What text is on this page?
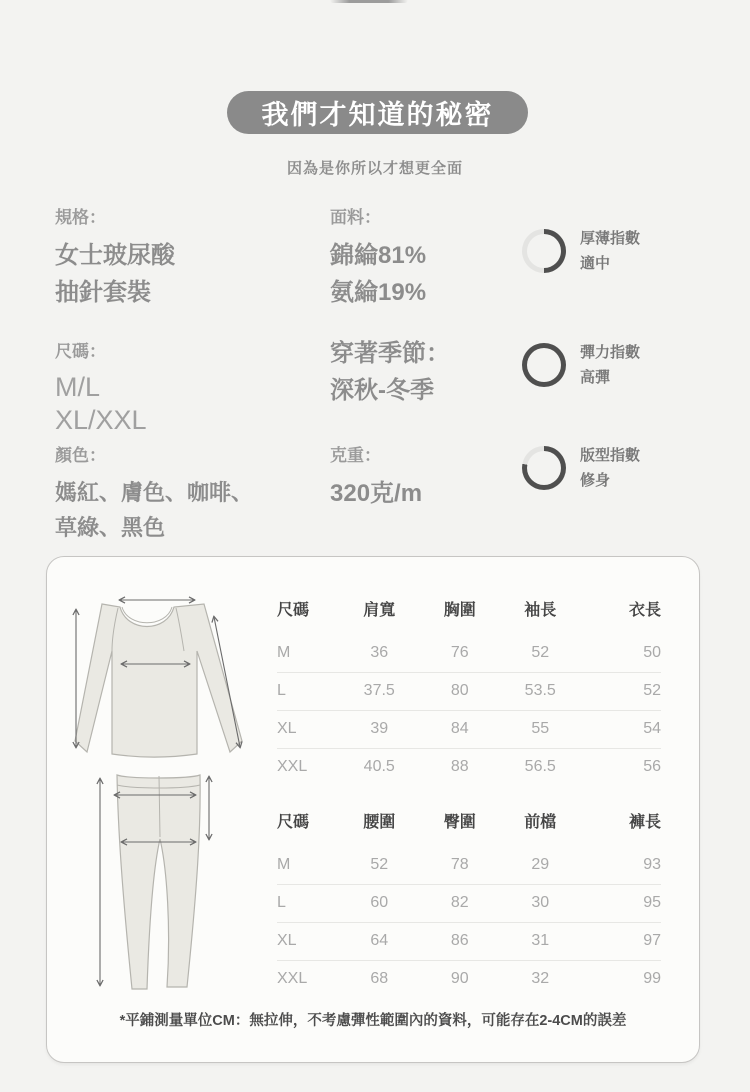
我們才知道的秘密
因為是你所以才想更全面
規格：
女士玻尿酸
抽針套裝
面料：
錦綸81%
氨綸19%
厚薄指數
適中
尺碼：
M/L
XL/XXL
穿著季節：
深秋-冬季
彈力指數
高彈
顏色：
媽紅、膚色、咖啡、
草綠、黑色
克重：
320克/m
版型指數
修身
尺碼	肩寬	胸圍	袖長	衣長
M	36	76	52	50
L	37.5	80	53.5	52
XL	39	84	55	54
XXL	40.5	88	56.5	56
尺碼	腰圍	臀圍	前檔	褲長
M	52	78	29	93
L	60	82	30	95
XL	64	86	31	97
XXL	68	90	32	99
*平鋪測量單位CM：無拉伸，不考慮彈性範圍內的資料，可能存在2-4CM的誤差
